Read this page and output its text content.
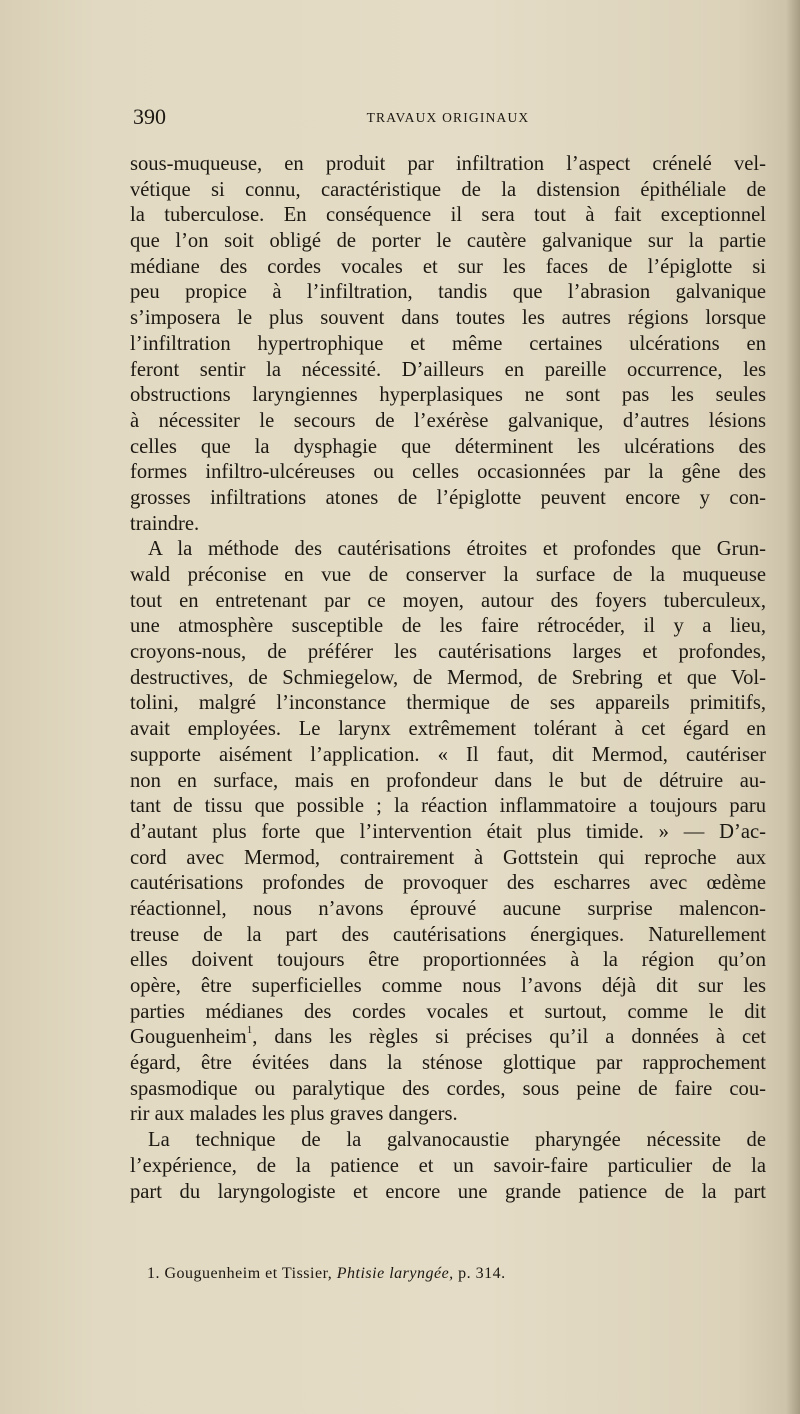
390	TRAVAUX ORIGINAUX
sous-muqueuse, en produit par infiltration l’aspect crénelé vel-
vétique si connu, caractéristique de la distension épithéliale de
la tuberculose. En conséquence il sera tout à fait exceptionnel
que l’on soit obligé de porter le cautère galvanique sur la partie
médiane des cordes vocales et sur les faces de l’épiglotte si
peu propice à l’infiltration, tandis que l’abrasion galvanique
s’imposera le plus souvent dans toutes les autres régions lorsque
l’infiltration hypertrophique et même certaines ulcérations en
feront sentir la nécessité. D’ailleurs en pareille occurrence, les
obstructions laryngiennes hyperplasiques ne sont pas les seules
à nécessiter le secours de l’exérèse galvanique, d’autres lésions
celles que la dysphagie que déterminent les ulcérations des
formes infiltro-ulcéreuses ou celles occasionnées par la gêne des
grosses infiltrations atones de l’épiglotte peuvent encore y con-
traindre.
A la méthode des cautérisations étroites et profondes que Grun-
wald préconise en vue de conserver la surface de la muqueuse
tout en entretenant par ce moyen, autour des foyers tuberculeux,
une atmosphère susceptible de les faire rétrocéder, il y a lieu,
croyons-nous, de préférer les cautérisations larges et profondes,
destructives, de Schmiegelow, de Mermod, de Srebring et que Vol-
tolini, malgré l’inconstance thermique de ses appareils primitifs,
avait employées. Le larynx extrêmement tolérant à cet égard en
supporte aisément l’application. « Il faut, dit Mermod, cautériser
non en surface, mais en profondeur dans le but de détruire au-
tant de tissu que possible ; la réaction inflammatoire a toujours paru
d’autant plus forte que l’intervention était plus timide. » — D’ac-
cord avec Mermod, contrairement à Gottstein qui reproche aux
cautérisations profondes de provoquer des escharres avec œdème
réactionnel, nous n’avons éprouvé aucune surprise malencon-
treuse de la part des cautérisations énergiques. Naturellement
elles doivent toujours être proportionnées à la région qu’on
opère, être superficielles comme nous l’avons déjà dit sur les
parties médianes des cordes vocales et surtout, comme le dit
Gouguenheim$^1$, dans les règles si précises qu’il a données à cet
égard, être évitées dans la sténose glottique par rapprochement
spasmodique ou paralytique des cordes, sous peine de faire cou-
rir aux malades les plus graves dangers.
La technique de la galvanocaustie pharyngée nécessite de
l’expérience, de la patience et un savoir-faire particulier de la
part du laryngologiste et encore une grande patience de la part
1. Gouguenheim et Tissier, Phtisie laryngée, p. 314.
